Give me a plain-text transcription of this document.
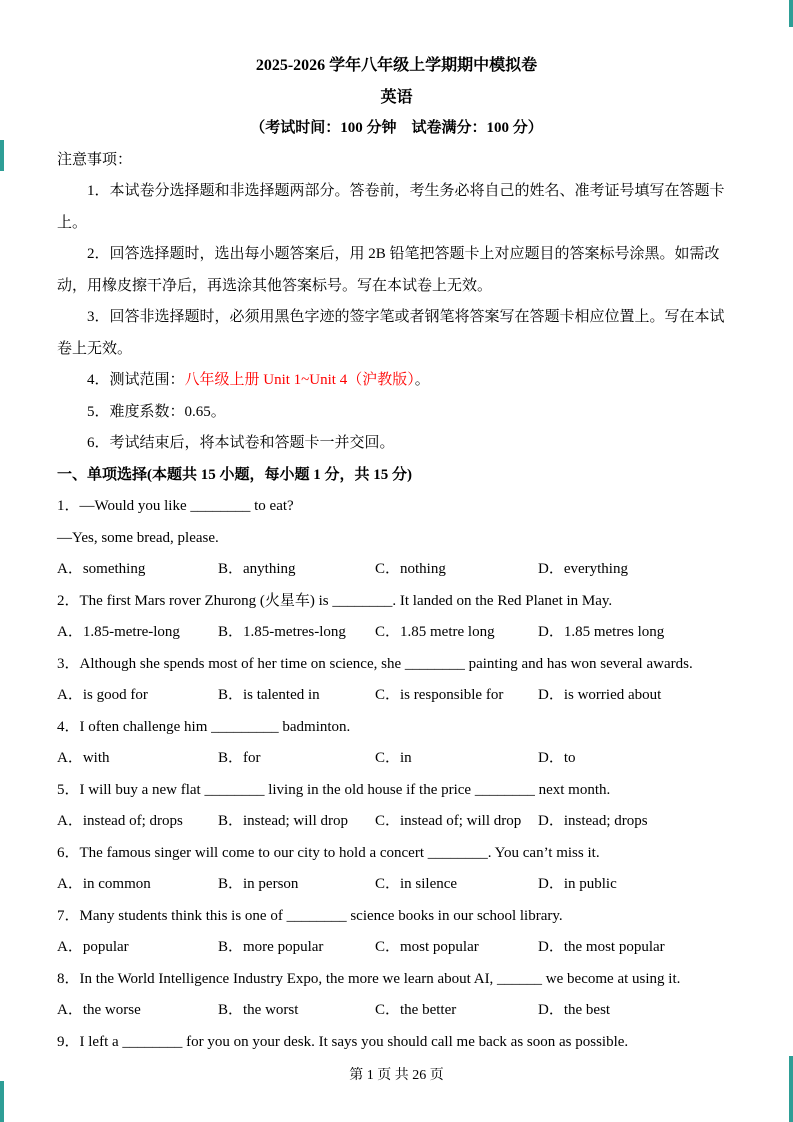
2025-2026 学年八年级上学期期中模拟卷
英语
（考试时间：100 分钟　试卷满分：100 分）
注意事项：

1．本试卷分选择题和非选择题两部分。答卷前，考生务必将自己的姓名、准考证号填写在答题卡上。

2．回答选择题时，选出每小题答案后，用 2B 铅笔把答题卡上对应题目的答案标号涂黑。如需改动，用橡皮擦干净后，再选涂其他答案标号。写在本试卷上无效。

3．回答非选择题时，必须用黑色字迹的签字笔或者钢笔将答案写在答题卡相应位置上。写在本试卷上无效。

4．测试范围：八年级上册 Unit 1~Unit 4（沪教版）。

5．难度系数：0.65。

6．考试结束后，将本试卷和答题卡一并交回。

一、单项选择(本题共 15 小题，每小题 1 分，共 15 分)

1．—Would you like ________ to eat?

—Yes, some bread, please.

A．something	B．anything	C．nothing	D．everything

2．The first Mars rover Zhurong (火星车) is ________. It landed on the Red Planet in May.

A．1.85-metre-long	B．1.85-metres-long	C．1.85 metre long	D．1.85 metres long

3．Although she spends most of her time on science, she ________ painting and has won several awards.

A．is good for	B．is talented in	C．is responsible for	D．is worried about

4．I often challenge him _________ badminton.

A．with	B．for	C．in	D．to

5．I will buy a new flat ________ living in the old house if the price ________ next month.

A．instead of; drops	B．instead; will drop	C．instead of; will drop	D．instead; drops

6．The famous singer will come to our city to hold a concert ________. You can’t miss it.

A．in common	B．in person	C．in silence	D．in public

7．Many students think this is one of ________ science books in our school library.

A．popular	B．more popular	C．most popular	D．the most popular

8．In the World Intelligence Industry Expo, the more we learn about AI, ______ we become at using it.

A．the worse	B．the worst	C．the better	D．the best

9．I left a ________ for you on your desk. It says you should call me back as soon as possible.

第 1 页 共 26 页
